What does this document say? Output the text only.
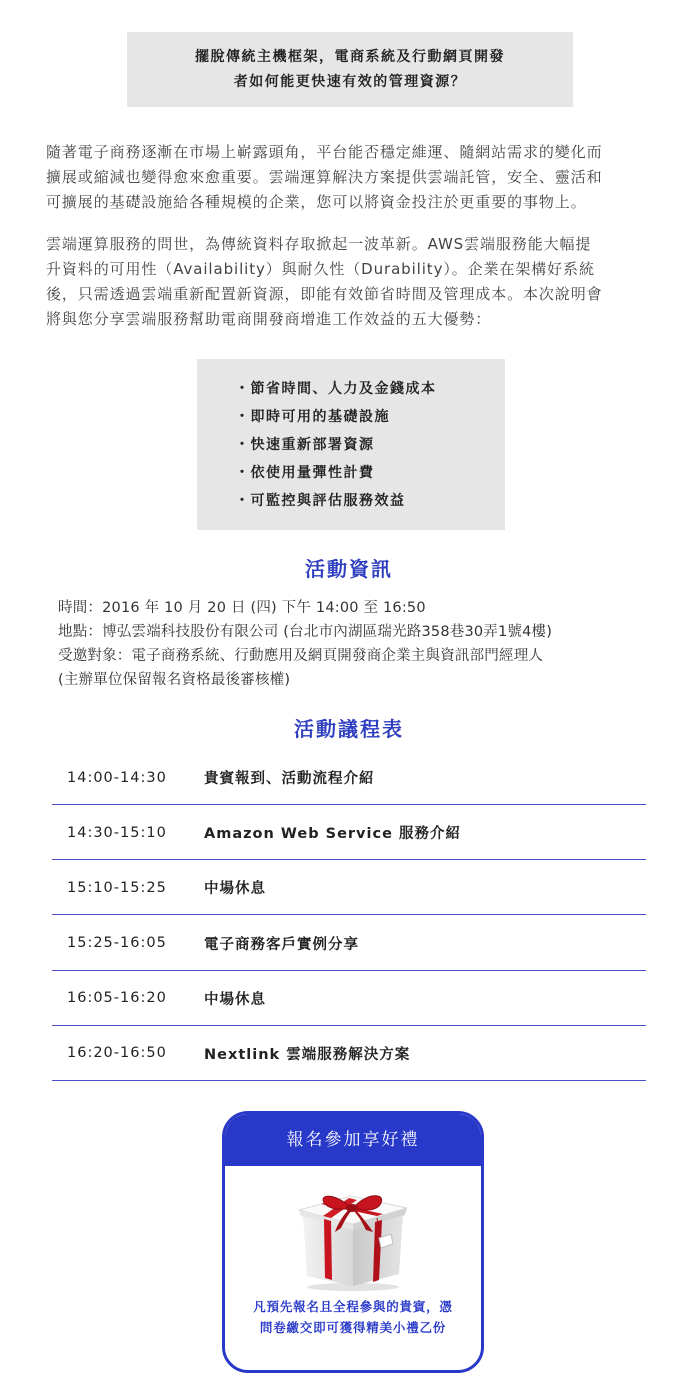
擺脫傳統主機框架，電商系統及行動網頁開發
者如何能更快速有效的管理資源？

隨著電子商務逐漸在市場上嶄露頭角，平台能否穩定維運、隨網站需求的變化而
擴展或縮減也變得愈來愈重要。雲端運算解決方案提供雲端託管，安全、靈活和
可擴展的基礎設施給各種規模的企業，您可以將資金投注於更重要的事物上。

雲端運算服務的問世，為傳統資料存取掀起一波革新。AWS雲端服務能大幅提
升資料的可用性（Availability）與耐久性（Durability）。企業在架構好系統
後，只需透過雲端重新配置新資源，即能有效節省時間及管理成本。本次說明會
將與您分享雲端服務幫助電商開發商增進工作效益的五大優勢：

・節省時間、人力及金錢成本
・即時可用的基礎設施
・快速重新部署資源
・依使用量彈性計費
・可監控與評估服務效益
活動資訊
時間：2016 年 10 月 20 日 (四) 下午 14:00 至 16:50
地點：博弘雲端科技股份有限公司 (台北市內湖區瑞光路358巷30弄1號4樓)
受邀對象：電子商務系統、行動應用及網頁開發商企業主與資訊部門經理人
(主辦單位保留報名資格最後審核權)
活動議程表
14:00-14:30	貴賓報到、活動流程介紹
14:30-15:10	Amazon Web Service 服務介紹
15:10-15:25	中場休息
15:25-16:05	電子商務客戶實例分享
16:05-16:20	中場休息
16:20-16:50	Nextlink 雲端服務解決方案
報名參加享好禮
凡預先報名且全程參與的貴賓，憑
問卷繳交即可獲得精美小禮乙份
